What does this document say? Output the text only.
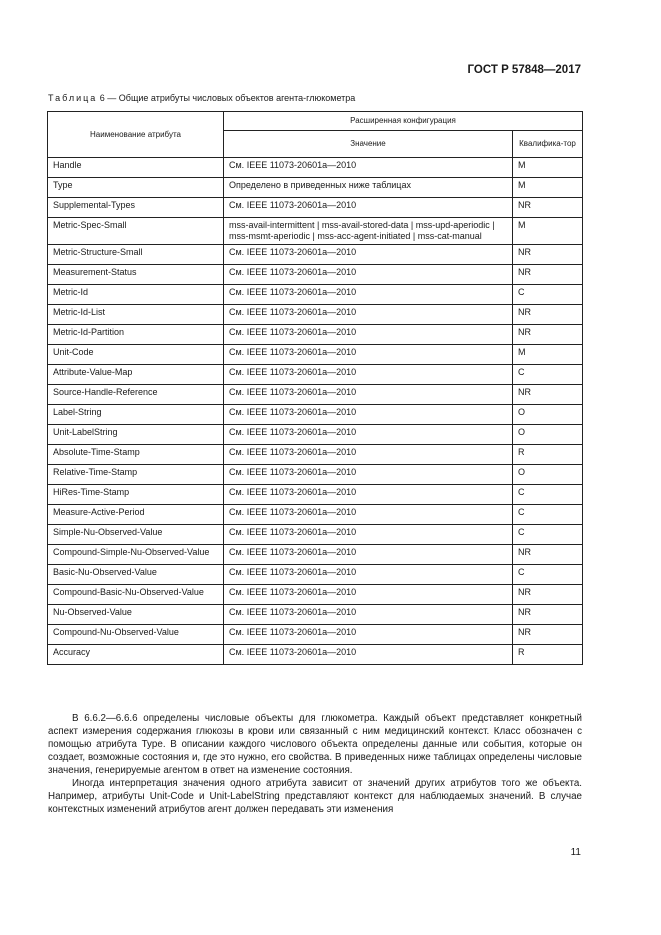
ГОСТ Р 57848—2017
Таблица 6 — Общие атрибуты числовых объектов агента-глюкометра
Наименование атрибута	Расширенная конфигурация	
	Значение	Квалифика-тор
Handle	См. IEEE 11073-20601a—2010	M
Type	Определено в приведенных ниже таблицах	M
Supplemental-Types	См. IEEE 11073-20601a—2010	NR
Metric-Spec-Small	mss-avail-intermittent | mss-avail-stored-data | mss-upd-aperiodic | mss-msmt-aperiodic | mss-acc-agent-initiated | mss-cat-manual	M
Metric-Structure-Small	См. IEEE 11073-20601a—2010	NR
Measurement-Status	См. IEEE 11073-20601a—2010	NR
Metric-Id	См. IEEE 11073-20601a—2010	C
Metric-Id-List	См. IEEE 11073-20601a—2010	NR
Metric-Id-Partition	См. IEEE 11073-20601a—2010	NR
Unit-Code	См. IEEE 11073-20601a—2010	M
Attribute-Value-Map	См. IEEE 11073-20601a—2010	C
Source-Handle-Reference	См. IEEE 11073-20601a—2010	NR
Label-String	См. IEEE 11073-20601a—2010	O
Unit-LabelString	См. IEEE 11073-20601a—2010	O
Absolute-Time-Stamp	См. IEEE 11073-20601a—2010	R
Relative-Time-Stamp	См. IEEE 11073-20601a—2010	O
HiRes-Time-Stamp	См. IEEE 11073-20601a—2010	C
Measure-Active-Period	См. IEEE 11073-20601a—2010	C
Simple-Nu-Observed-Value	См. IEEE 11073-20601a—2010	C
Compound-Simple-Nu-Observed-Value	См. IEEE 11073-20601a—2010	NR
Basic-Nu-Observed-Value	См. IEEE 11073-20601a—2010	C
Compound-Basic-Nu-Observed-Value	См. IEEE 11073-20601a—2010	NR
Nu-Observed-Value	См. IEEE 11073-20601a—2010	NR
Compound-Nu-Observed-Value	См. IEEE 11073-20601a—2010	NR
Accuracy	См. IEEE 11073-20601a—2010	R

В 6.6.2—6.6.6 определены числовые объекты для глюкометра. Каждый объект представляет конкретный аспект измерения содержания глюкозы в крови или связанный с ним медицинский контекст. Класс обозначен с помощью атрибута Type. В описании каждого числового объекта определены данные или события, которые он создает, возможные состояния и, где это нужно, его свойства. В приведенных ниже таблицах определены числовые значения, генерируемые агентом в ответ на изменение состояния.

Иногда интерпретация значения одного атрибута зависит от значений других атрибутов того же объекта. Например, атрибуты Unit-Code и Unit-LabelString представляют контекст для наблюдаемых значений. В случае контекстных изменений атрибутов агент должен передавать эти изменения

11
